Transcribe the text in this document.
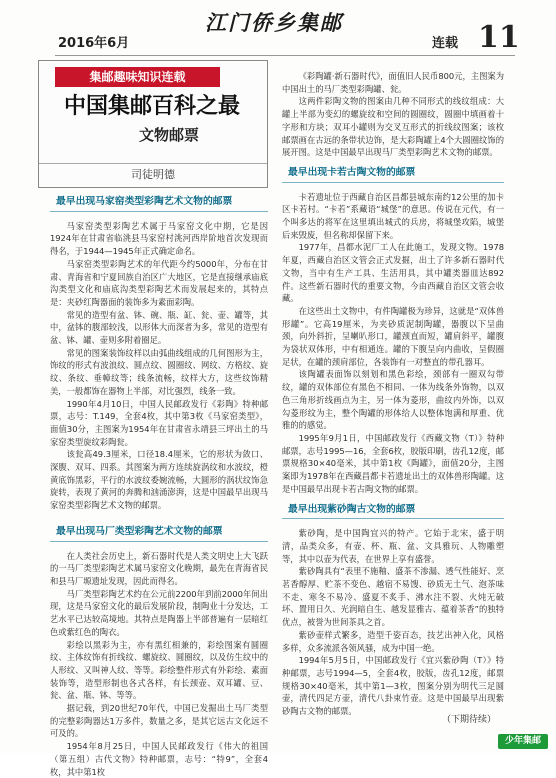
2016年6月
江门侨乡集邮
连载 11
集邮趣味知识连载
中国集邮百科之最
文物邮票
司徒明德

最早出现马家窑类型彩陶艺术文物的邮票

马家窑类型彩陶艺术属于马家窑文化中期，它是因1924年在甘肃省临洮县马家窑村洮河西岸阶地首次发现而得名，于1944—1945年正式确定命名。

马家窑类型彩陶艺术的年代距今约5000年，分布在甘肃、青海省和宁夏回族自治区广大地区，它是直接继承庙底沟类型文化和庙底沟类型彩陶艺术而发展起来的，其特点是：夹砂红陶器面的装饰多为素面彩陶。

常见的造型有盆、钵、碗、瓶、缸、瓮、壶、罐等，其中，盆钵的腹部较浅，以形体大而深者为多，常见的造型有盆、钵、罐、壶则多附着圈足。

常见的图案装饰纹样以由弧曲线组成的几何图形为主，饰纹的形式有波浪纹、圆点纹、圆圈纹、网纹、方格纹、旋纹、条纹、垂幛纹等；线条流畅，纹样大方，这些纹饰精美，一般都饰在器物上半部，对比强烈，线条一致。

1990年4月10日，中国人民邮政发行《彩陶》特种邮票，志号：T.149，全套4枚，其中第3枚《马家窑类型》，面值30分，主图案为1954年在甘肃省永靖县三坪出土的马家窑类型旋纹彩陶瓮。

该瓮高49.3厘米，口径18.4厘米，它的形状为敛口、深腹、双耳、四系。其图案为两方连续旋涡纹和水波纹，橙黄底饰黑彩，平行的水波纹委婉流畅，大圆形的涡状纹饰急旋转，表现了黄河的奔腾和汹涌澎湃，这是中国最早出现马家窑类型彩陶艺术文物的邮票。

最早出现马厂类型彩陶艺术文物的邮票

在人类社会历史上，新石器时代是人类文明史上大飞跃的一马厂类型彩陶艺术属马家窑文化晚期，最先在青海省民和县马厂塬遗址发现，因此而得名。

马厂类型彩陶艺术约在公元前2200年到前2000年间出现，这是马家窑文化的最后发展阶段，制陶业十分发达，工艺水平已达较高境地。其特点是陶器上半部普遍有一层暗红色或紫红色的陶衣。

彩绘以黑彩为主，亦有黑红相兼的，彩绘图案有圆圈纹、主体纹饰有折线纹、螺旋纹、圆圈纹，以及仿生纹中的人形纹、又叫神人纹、等等。彩绘整件形式有外彩绘、素面装饰等，造型形制也各式各样，有长颈壶、双耳罐、豆、瓮、盆、瓶、钵、等等。

据记载，到20世纪70年代，中国已发掘出土马厂类型的完整彩陶器达1万多件，数量之多，是其它远古文化远不可及的。

1954年8月25日，中国人民邮政发行《伟大的祖国（第五组）古代文物》特种邮票，志号：“特9”，全套4枚，其中第1枚

《彩陶罐·新石器时代》，面值旧人民币800元，主图案为中国出土的马厂类型彩陶罐、瓮。

这两件彩陶文物的图案由几种不同形式的线纹组成：大罐上半部为变幻的螺旋纹和空间的圆圈纹，圆圈中填画着十字形和方块；双耳小罐则为交叉互形式的折线纹图案；该枚邮票画在古远的条带状边饰，是大彩陶罐上4个大圆圈纹饰的展开图。这是中国最早出现马厂类型彩陶艺术文物的邮票。

最早出现卡若古陶文物的邮票

卡若遗址位于西藏自治区昌都县城东南约12公里的加卡区卡若村。“卡若”系藏语“城堡”的意思。传说在元代，有一个叫多达的将军在这里填出城式的兵房，将城堡攻陷，城堡后来毁废，但名称却保留下来。

1977年，昌都水泥厂工人在此施工，发现文物。1978年夏，西藏自治区文管会正式发掘，出土了许多新石器时代文物，当中有生产工具、生活用具，其中罐类器皿达892件。这些新石器时代的重要文物，今由西藏自治区文管会收藏。

在这些出土文物中，有件陶罐极为珍异，这就是“双体兽形罐”。它高19厘米，为夹砂质泥制陶罐，器腹以下呈曲颈，向外斜折，呈喇叭形口，罐颈直而短，罐肩斜平，罐腹为袋状双体形，中有相通连。罐的下腹呈向内曲收，呈假圈足状，在罐的颈肩部位，各装饰有一对整直的带孔器耳。

该陶罐表面饰以刻划和黑色彩绘，颈部有一圈双勾带纹，罐的双体部位有黑色不相同、一体为线条外饰物，以双色三角形折线画点为主，另一体为菱形，曲纹内外饰，以双勾菱形纹为主，整个陶罐的形体给人以整体饱满和厚重、优雅的的感觉。

1995年9月1日，中国邮政发行《西藏文物（T）》特种邮票，志号1995—16，全套6枚，胶版印刷，齿孔12度，邮票规格30×40毫米，其中第1枚《陶罐》，面值20分，主图案即为1978年在西藏昌都卡若遗址出土的双体兽形陶罐。这是中国最早出现卡若古陶文物的邮票。

最早出现紫砂陶古文物的邮票

紫砂陶，是中国陶宜兴的特产。它始于北宋，盛于明清，品类众多，有壶、杯、瓶、盆、文具雅玩、人物雕塑等，其中以壶为代表，在世界上享有盛誉。

紫砂陶具有“表里不施釉、盛茶不渗漏、透气性能好、烹茗香醇厚、贮茶不变色、越宿不易馊、砂质无土气、泡茶味不走、寒冬不易冷、盛夏不炙手、沸水注不裂、火炖无破坏、置用日久、光润暗自生、越发显雅古、蕴着茶香”的独特优点，被誉为世间茶具之首。

紫砂壶样式繁多，造型千姿百态，技艺出神入化，风格多样，众多流派各领风骚，成为中国一绝。

1994年5月5日，中国邮政发行《宜兴紫砂陶（T）》特种邮票，志号1994—5，全套4枚，胶版，齿孔12度，邮票规格30×40毫米，其中第1—3枚，图案分别为明代三足圆壶，清代四足方壶，清代八卦束竹壶。这是中国最早出现紫砂陶古文物的邮票。

（下期待续）
少年集邮
